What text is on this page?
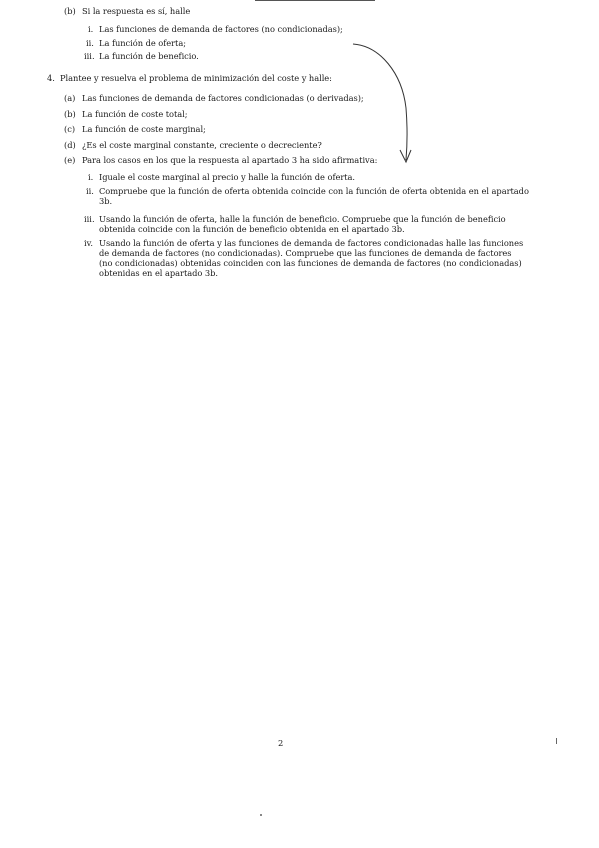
(b) Si la respuesta es sí, halle
i. Las funciones de demanda de factores (no condicionadas);
ii. La función de oferta;
iii. La función de beneficio.
4. Plantee y resuelva el problema de minimización del coste y halle:
(a) Las funciones de demanda de factores condicionadas (o derivadas);
(b) La función de coste total;
(c) La función de coste marginal;
(d) ¿Es el coste marginal constante, creciente o decreciente?
(e) Para los casos en los que la respuesta al apartado 3 ha sido afirmativa:
i. Iguale el coste marginal al precio y halle la función de oferta.
ii. Compruebe que la función de oferta obtenida coincide con la función de oferta obtenida en el apartado
3b.
iii. Usando la función de oferta, halle la función de beneficio. Compruebe que la función de beneficio
obtenida coincide con la función de beneficio obtenida en el apartado 3b.
iv. Usando la función de oferta y las funciones de demanda de factores condicionadas halle las funciones
de demanda de factores (no condicionadas). Compruebe que las funciones de demanda de factores
(no condicionadas) obtenidas coinciden con las funciones de demanda de factores (no condicionadas)
obtenidas en el apartado 3b.
2
